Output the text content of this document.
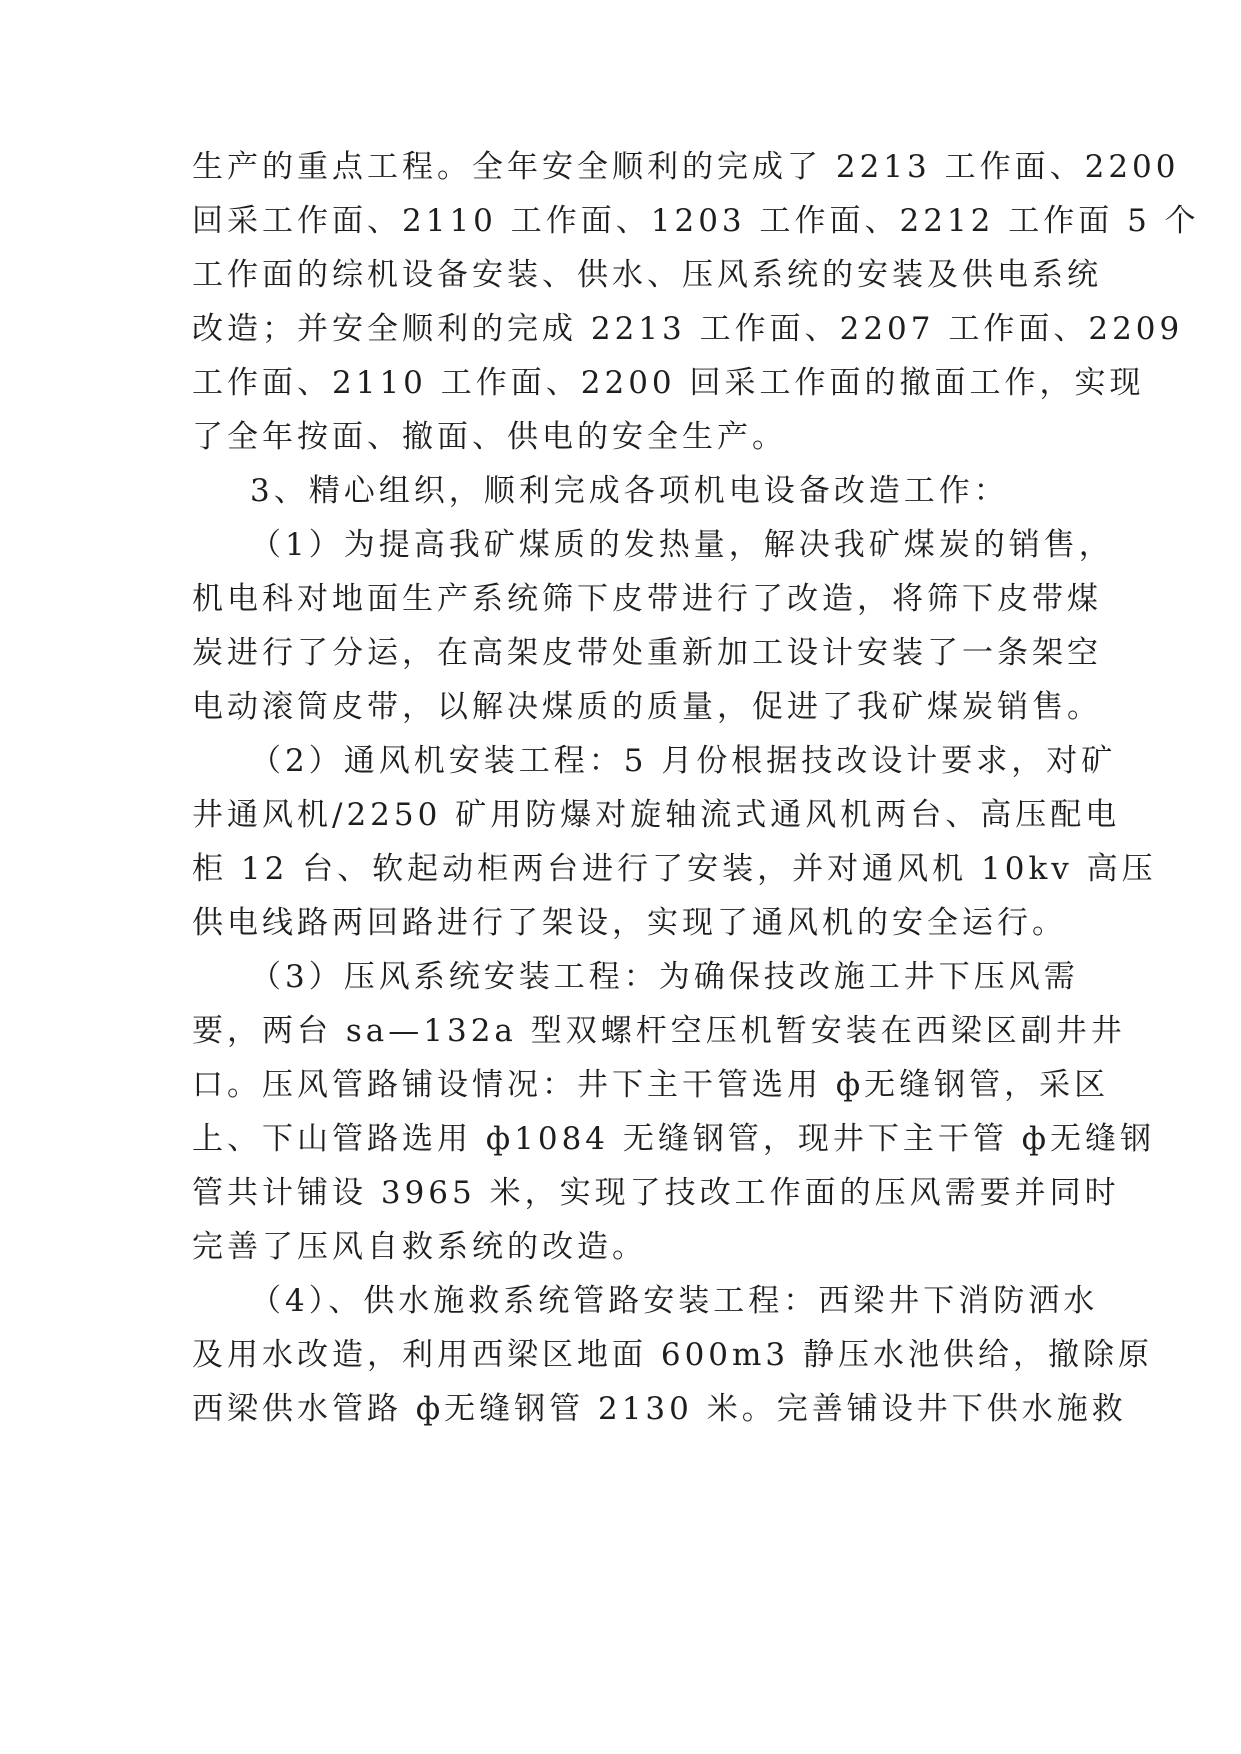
生产的重点工程。全年安全顺利的完成了 2213 工作面、2200
回采工作面、2110 工作面、1203 工作面、2212 工作面 5 个
工作面的综机设备安装、供水、压风系统的安装及供电系统
改造；并安全顺利的完成 2213 工作面、2207 工作面、2209
工作面、2110 工作面、2200 回采工作面的撤面工作，实现
了全年按面、撤面、供电的安全生产。
3、精心组织，顺利完成各项机电设备改造工作：
（1）为提高我矿煤质的发热量，解决我矿煤炭的销售，
机电科对地面生产系统筛下皮带进行了改造，将筛下皮带煤
炭进行了分运，在高架皮带处重新加工设计安装了一条架空
电动滚筒皮带，以解决煤质的质量，促进了我矿煤炭销售。
（2）通风机安装工程：5 月份根据技改设计要求，对矿
井通风机/2250 矿用防爆对旋轴流式通风机两台、高压配电
柜 12 台、软起动柜两台进行了安装，并对通风机 10kv 高压
供电线路两回路进行了架设，实现了通风机的安全运行。
（3）压风系统安装工程：为确保技改施工井下压风需
要，两台 sa—132a 型双螺杆空压机暂安装在西梁区副井井
口。压风管路铺设情况：井下主干管选用 ф无缝钢管，采区
上、下山管路选用 ф1084 无缝钢管，现井下主干管 ф无缝钢
管共计铺设 3965 米，实现了技改工作面的压风需要并同时
完善了压风自救系统的改造。
（4）、供水施救系统管路安装工程：西梁井下消防洒水
及用水改造，利用西梁区地面 600m3 静压水池供给，撤除原
西梁供水管路 ф无缝钢管 2130 米。完善铺设井下供水施救
